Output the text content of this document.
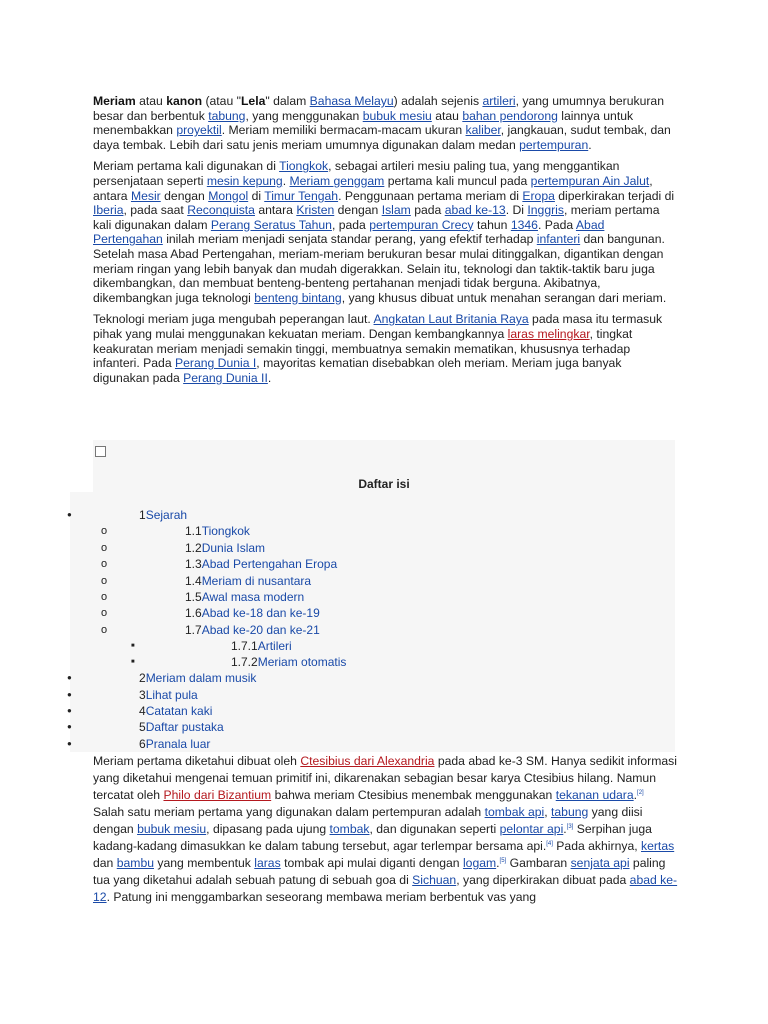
Meriam atau kanon (atau "Lela" dalam Bahasa Melayu) adalah sejenis artileri, yang umumnya berukuran besar dan berbentuk tabung, yang menggunakan bubuk mesiu atau bahan pendorong lainnya untuk menembakkan proyektil. Meriam memiliki bermacam-macam ukuran kaliber, jangkauan, sudut tembak, dan daya tembak. Lebih dari satu jenis meriam umumnya digunakan dalam medan pertempuran.

Meriam pertama kali digunakan di Tiongkok, sebagai artileri mesiu paling tua, yang menggantikan persenjataan seperti mesin kepung. Meriam genggam pertama kali muncul pada pertempuran Ain Jalut, antara Mesir dengan Mongol di Timur Tengah. Penggunaan pertama meriam di Eropa diperkirakan terjadi di Iberia, pada saat Reconquista antara Kristen dengan Islam pada abad ke-13. Di Inggris, meriam pertama kali digunakan dalam Perang Seratus Tahun, pada pertempuran Crecy tahun 1346. Pada Abad Pertengahan inilah meriam menjadi senjata standar perang, yang efektif terhadap infanteri dan bangunan. Setelah masa Abad Pertengahan, meriam-meriam berukuran besar mulai ditinggalkan, digantikan dengan meriam ringan yang lebih banyak dan mudah digerakkan. Selain itu, teknologi dan taktik-taktik baru juga dikembangkan, dan membuat benteng-benteng pertahanan menjadi tidak berguna. Akibatnya, dikembangkan juga teknologi benteng bintang, yang khusus dibuat untuk menahan serangan dari meriam.

Teknologi meriam juga mengubah peperangan laut. Angkatan Laut Britania Raya pada masa itu termasuk pihak yang mulai menggunakan kekuatan meriam. Dengan kembangkannya laras melingkar, tingkat keakuratan meriam menjadi semakin tinggi, membuatnya semakin mematikan, khususnya terhadap infanteri. Pada Perang Dunia I, mayoritas kematian disebabkan oleh meriam. Meriam juga banyak digunakan pada Perang Dunia II.

Daftar isi
●	1Sejarah
o	1.1Tiongkok
o	1.2Dunia Islam
o	1.3Abad Pertengahan Eropa
o	1.4Meriam di nusantara
o	1.5Awal masa modern
o	1.6Abad ke-18 dan ke-19
o	1.7Abad ke-20 dan ke-21
■	1.7.1Artileri
■	1.7.2Meriam otomatis
●	2Meriam dalam musik
●	3Lihat pula
●	4Catatan kaki
●	5Daftar pustaka
●	6Pranala luar

Meriam pertama diketahui dibuat oleh Ctesibius dari Alexandria pada abad ke-3 SM. Hanya sedikit informasi yang diketahui mengenai temuan primitif ini, dikarenakan sebagian besar karya Ctesibius hilang. Namun tercatat oleh Philo dari Bizantium bahwa meriam Ctesibius menembak menggunakan tekanan udara.[2] Salah satu meriam pertama yang digunakan dalam pertempuran adalah tombak api, tabung yang diisi dengan bubuk mesiu, dipasang pada ujung tombak, dan digunakan seperti pelontar api.[3] Serpihan juga kadang-kadang dimasukkan ke dalam tabung tersebut, agar terlempar bersama api.[4] Pada akhirnya, kertas dan bambu yang membentuk laras tombak api mulai diganti dengan logam.[5] Gambaran senjata api paling tua yang diketahui adalah sebuah patung di sebuah goa di Sichuan, yang diperkirakan dibuat pada abad ke-12. Patung ini menggambarkan seseorang membawa meriam berbentuk vas yang
